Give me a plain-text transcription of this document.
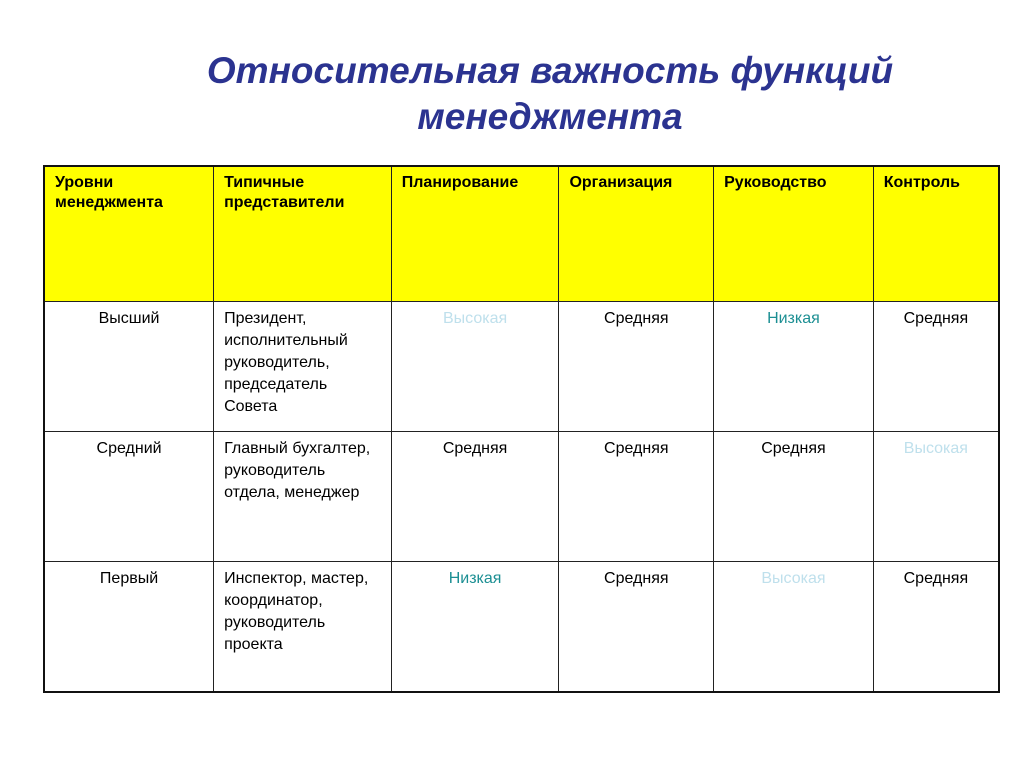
Относительная важность функций
менеджмента
Уровни менеджмента	Типичные представители	Планирование	Организация	Руководство	Контроль
Высший	Президент, исполнительный руководитель, председатель Совета	Высокая	Средняя	Низкая	Средняя
Средний	Главный бухгалтер, руководитель отдела, менеджер	Средняя	Средняя	Средняя	Высокая
Первый	Инспектор, мастер, координатор, руководитель проекта	Низкая	Средняя	Высокая	Средняя
